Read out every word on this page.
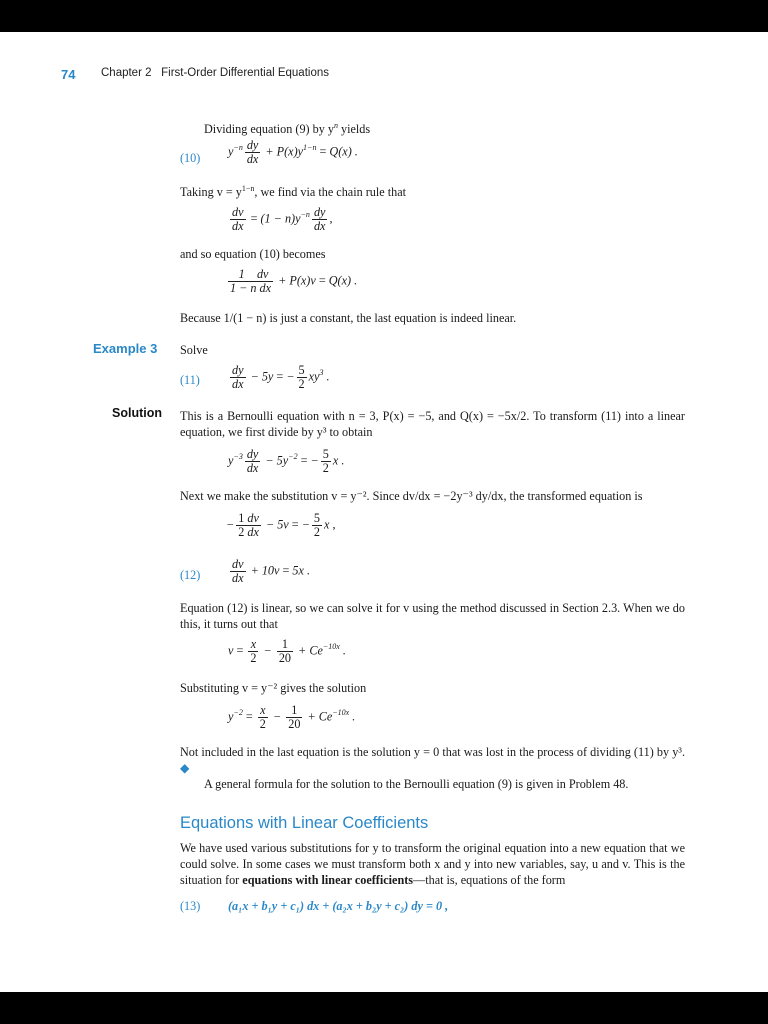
74 Chapter 2 First-Order Differential Equations
Dividing equation (9) by $y^n$ yields
(10) $y^{-n} \frac{dy}{dx} + P(x)y^{1-n} = Q(x)$ .
Taking $v = y^{1-n}$, we find via the chain rule that
$\frac{dv}{dx} = (1 - n)y^{-n} \frac{dy}{dx}$ ,
and so equation (10) becomes
$\frac{1 dv}{\text{1 − n dx}} + P(x)v = Q(x)$ .
Because 1/(1 − n) is just a constant, the last equation is indeed linear.
Example 3 Solve
$(11) \frac{dy}{dx} - 5y$ = − $\frac{5}{2} xy^3$ .
Solution This is a Bernoulli equation with n = 3, P(x) = −5, and Q(x) = −5x/2. To transform (11) into a linear equation, we first divide by y³ to obtain
$y^{-3} \frac{dy}{dx} - 5y^{-2}$ = − $\frac{5}{2}$ x .
Next we make the substitution v = y⁻². Since dv/dx = −2y⁻³ dy/dx, the transformed equation is
− $\frac{1 dv}{2 dx} - 5v$ = − $\frac{5}{2}$ x ,
$(12) \frac{dv}{dx} + 10v = 5x$ .
Equation (12) is linear, so we can solve it for v using the method discussed in Section 2.3. When we do this, it turns out that
$v = \frac{x}{2} - \frac{1}{20} + Ce^{-10x}$ .
Substituting v = y⁻² gives the solution
$y^{-2} = \frac{x}{2} - \frac{1}{20} + Ce^{-10x}$ .
Not included in the last equation is the solution y = 0 that was lost in the process of dividing (11) by y³. ◆
A general formula for the solution to the Bernoulli equation (9) is given in Problem 48.
Equations with Linear Coefficients
We have used various substitutions for y to transform the original equation into a new equation that we could solve. In some cases we must transform both x and y into new variables, say, u and v. This is the situation for equations with linear coefficients—that is, equations of the form
(13) (a₁x + b₁y + c₁) dx + (a₂x + b₂y + c₂) dy = 0 ,
